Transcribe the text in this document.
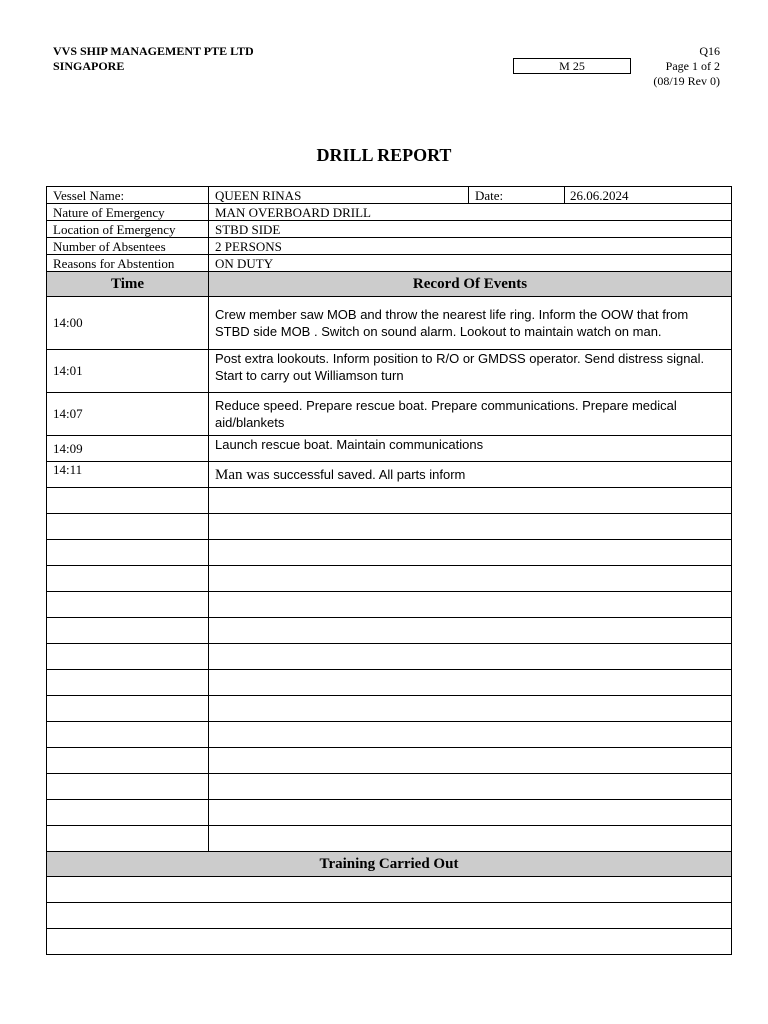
VVS SHIP MANAGEMENT PTE LTD
SINGAPORE	M 25
Q16
Page 1 of 2
(08/19 Rev 0)
DRILL REPORT
Vessel Name:	QUEEN RINAS	Date:	26.06.2024
Nature of Emergency	MAN OVERBOARD DRILL		
Location of Emergency	STBD SIDE		
Number of Absentees	2 PERSONS		
Reasons for Abstention	ON DUTY		
Time	Record Of Events		
14:00	Crew member saw MOB and throw the nearest life ring. Inform the OOW that from STBD side MOB . Switch on sound alarm. Lookout to maintain watch on man.		
14:01	Post extra lookouts. Inform position to R/O or GMDSS operator. Send distress signal. Start to carry out Williamson turn		
14:07	Reduce speed. Prepare rescue boat. Prepare communications. Prepare medical aid/blankets		
14:09	Launch rescue boat. Maintain communications		
14:11	Man was successful saved. All parts inform		

Training Carried Out			
